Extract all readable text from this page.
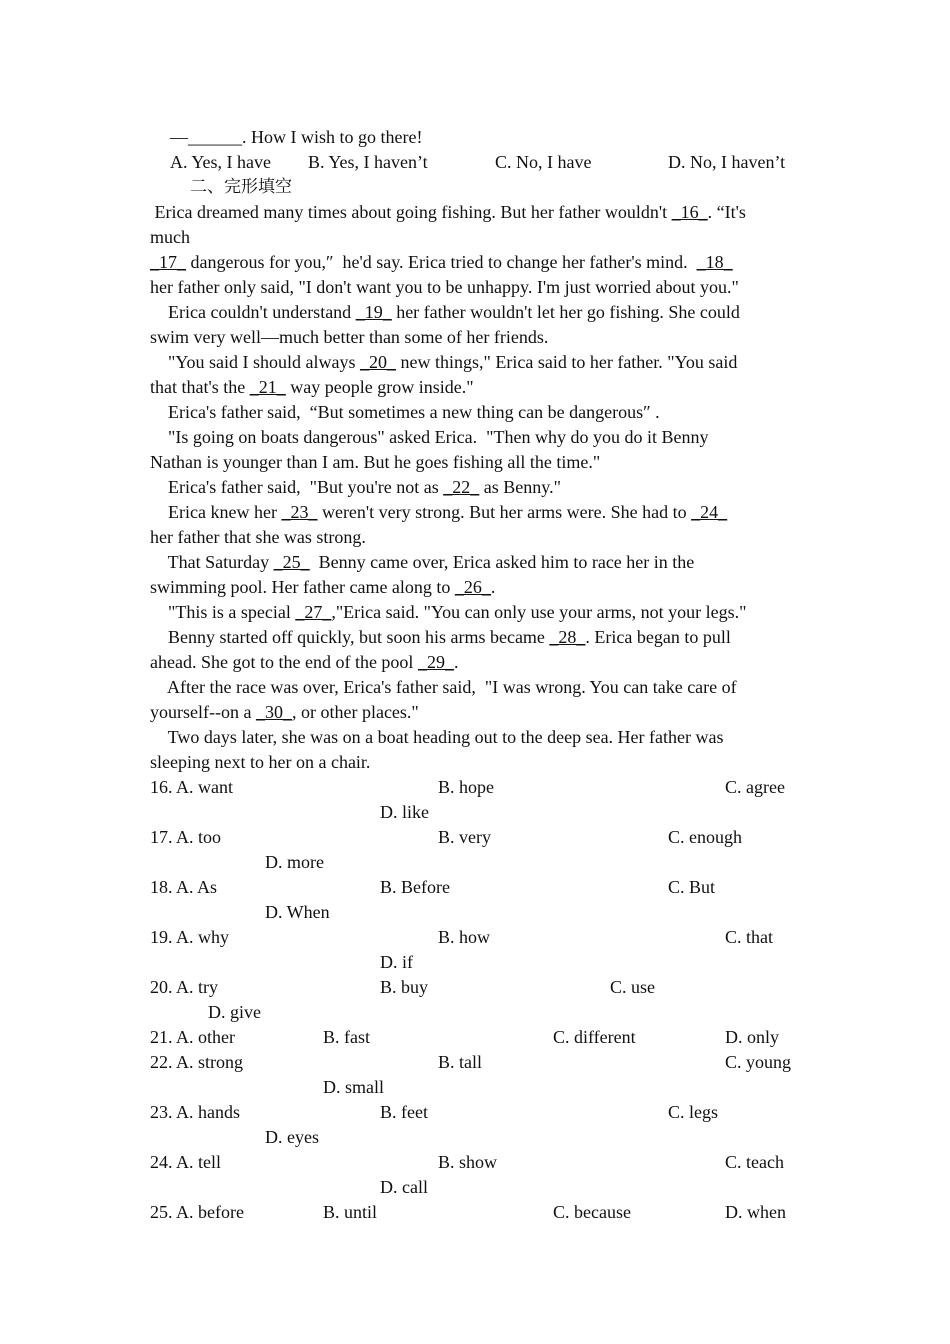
—______. How I wish to go there!
A. Yes, I have B. Yes, I haven’t	C. No, I have	D. No, I haven’t
二、完形填空
Erica dreamed many times about going fishing. But her father wouldn't _16_. “It's
much
_17_ dangerous for you,″  he'd say. Erica tried to change her father's mind.  _18_
her father only said, "I don't want you to be unhappy. I'm just worried about you."
Erica couldn't understand _19_ her father wouldn't let her go fishing. She could
swim very well—much better than some of her friends.
"You said I should always _20_ new things," Erica said to her father. "You said
that that's the _21_ way people grow inside."
Erica's father said,  “But sometimes a new thing can be dangerous″ .
"Is going on boats dangerous" asked Erica.  "Then why do you do it Benny
Nathan is younger than I am. But he goes fishing all the time."
Erica's father said,  "But you're not as _22_ as Benny."
Erica knew her _23_ weren't very strong. But her arms were. She had to _24_
her father that she was strong.
That Saturday _25_  Benny came over, Erica asked him to race her in the
swimming pool. Her father came along to _26_.
"This is a special _27_,"Erica said. "You can only use your arms, not your legs."
Benny started off quickly, but soon his arms became _28_. Erica began to pull
ahead. She got to the end of the pool _29_.
After the race was over, Erica's father said,  "I was wrong. You can take care of
yourself--on a _30_, or other places."
Two days later, she was on a boat heading out to the deep sea. Her father was
sleeping next to her on a chair.
16. A. want	B. hope	C. agree
D. like
17. A. too	B. very	C. enough
D. more
18. A. As	B. Before	C. But
D. When
19. A. why	B. how	C. that
D. if
20. A. try	B. buy	C. use
D. give
21. A. other	B. fast	C. different	D. only
22. A. strong	B. tall	C. young
D. small
23. A. hands	B. feet	C. legs
D. eyes
24. A. tell	B. show	C. teach
D. call
25. A. before	B. until	C. because	D. when
